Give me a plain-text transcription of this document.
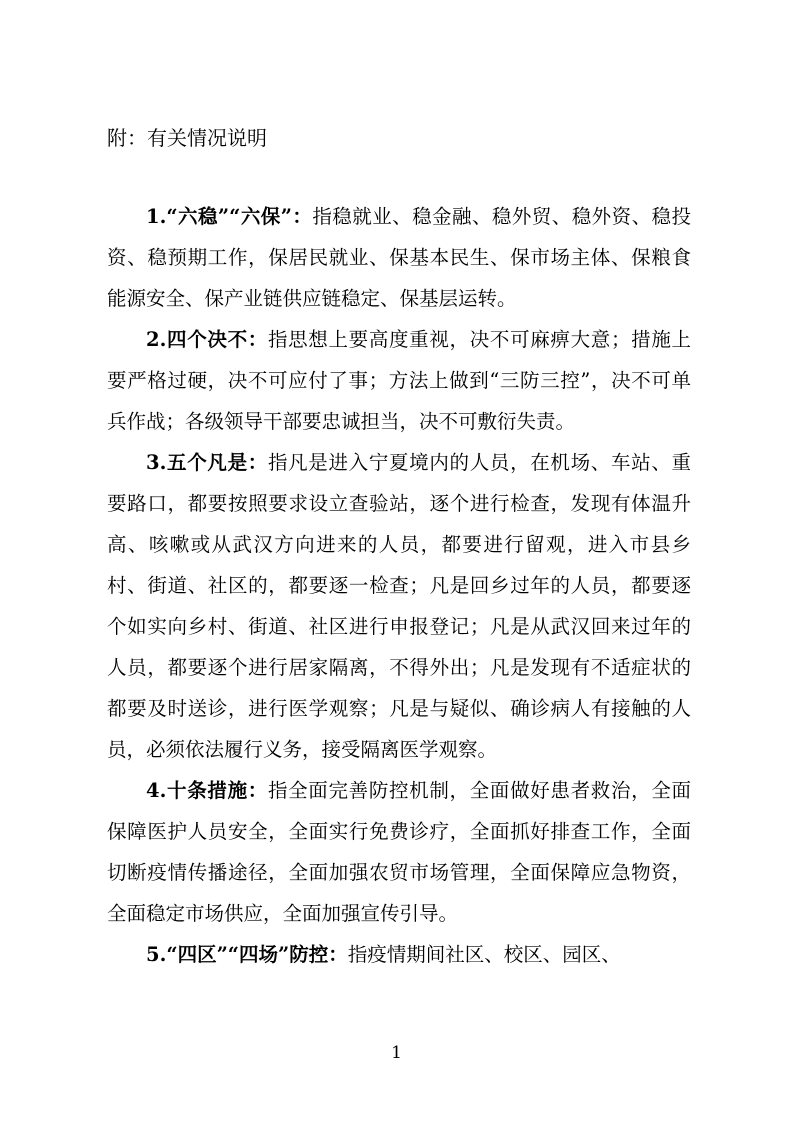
附：有关情况说明

1.“六稳”“六保”：指稳就业、稳金融、稳外贸、稳外资、稳投资、稳预期工作，保居民就业、保基本民生、保市场主体、保粮食能源安全、保产业链供应链稳定、保基层运转。

2.四个决不：指思想上要高度重视，决不可麻痹大意；措施上要严格过硬，决不可应付了事；方法上做到“三防三控”，决不可单兵作战；各级领导干部要忠诚担当，决不可敷衍失责。

3.五个凡是：指凡是进入宁夏境内的人员，在机场、车站、重要路口，都要按照要求设立查验站，逐个进行检查，发现有体温升高、咳嗽或从武汉方向进来的人员，都要进行留观，进入市县乡村、街道、社区的，都要逐一检查；凡是回乡过年的人员，都要逐个如实向乡村、街道、社区进行申报登记；凡是从武汉回来过年的人员，都要逐个进行居家隔离，不得外出；凡是发现有不适症状的都要及时送诊，进行医学观察；凡是与疑似、确诊病人有接触的人员，必须依法履行义务，接受隔离医学观察。

4.十条措施：指全面完善防控机制，全面做好患者救治，全面保障医护人员安全，全面实行免费诊疗，全面抓好排查工作，全面切断疫情传播途径，全面加强农贸市场管理，全面保障应急物资，全面稳定市场供应，全面加强宣传引导。

5.“四区”“四场”防控：指疫情期间社区、校区、园区、

1
